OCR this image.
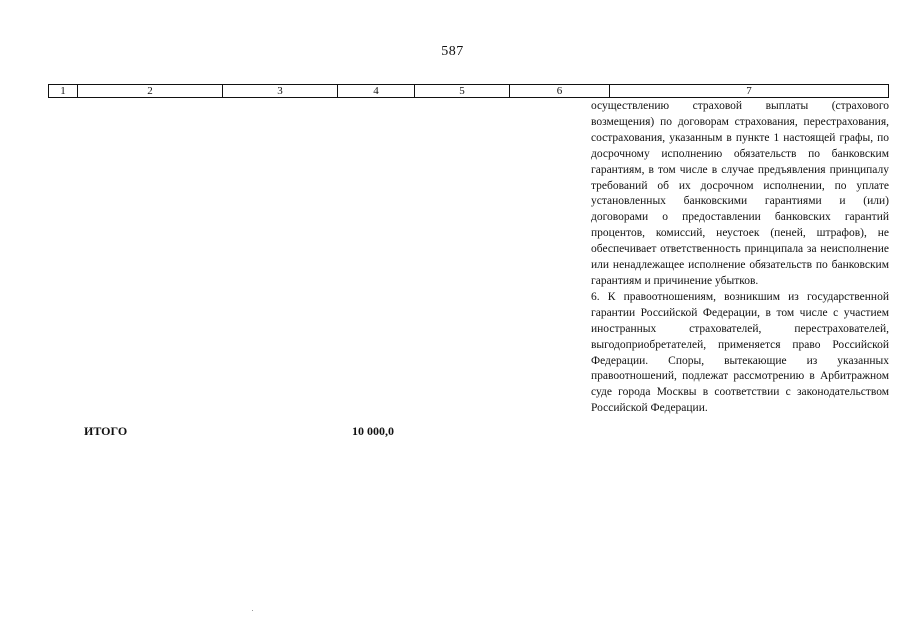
587
1	2	3	4	5	6	7

осуществлению страховой выплаты (страхового возмещения) по договорам страхования, перестрахования, сострахования, указанным в пункте 1 настоящей графы, по досрочному исполнению обязательств по банковским гарантиям, в том числе в случае предъявления принципалу требований об их досрочном исполнении, по уплате установленных банковскими гарантиями и (или) договорами о предоставлении банковских гарантий процентов, комиссий, неустоек (пеней, штрафов), не обеспечивает ответственность принципала за неисполнение или ненадлежащее исполнение обязательств по банковским гарантиям и причинение убытков.

6. К правоотношениям, возникшим из государственной гарантии Российской Федерации, в том числе с участием иностранных страхователей, перестрахователей, выгодоприобретателей, применяется право Российской Федерации. Споры, вытекающие из указанных правоотношений, подлежат рассмотрению в Арбитражном суде города Москвы в соответствии с законодательством Российской Федерации.

ИТОГО	10 000,0
